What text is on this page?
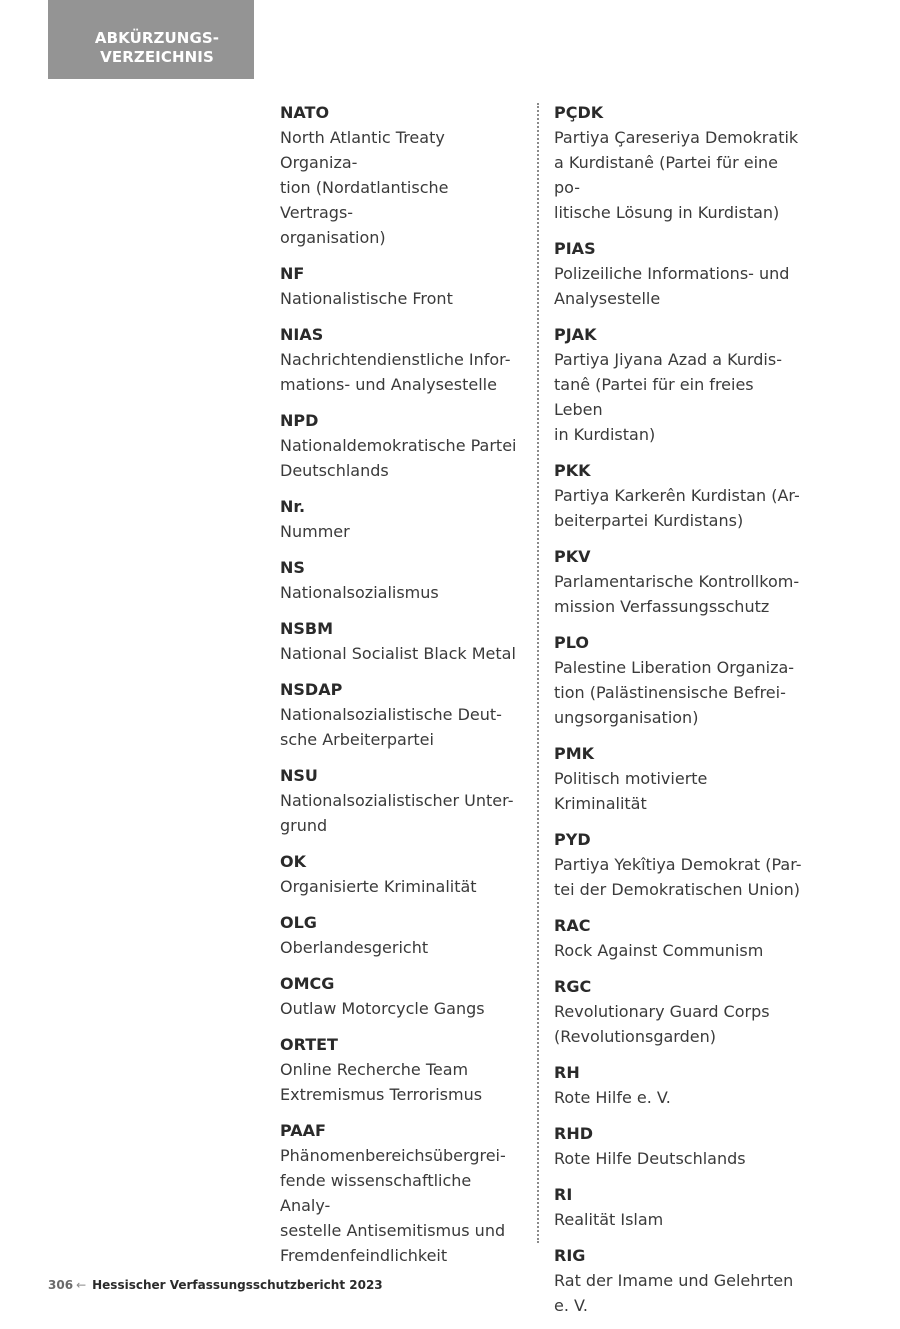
ABKÜRZUNGS-
VERZEICHNIS
NATO
North Atlantic Treaty Organiza-
tion (Nordatlantische Vertrags-
organisation)
NF
Nationalistische Front
NIAS
Nachrichtendienstliche Infor-
mations- und Analysestelle
NPD
Nationaldemokratische Partei
Deutschlands
Nr.
Nummer
NS
Nationalsozialismus
NSBM
National Socialist Black Metal
NSDAP
Nationalsozialistische Deut-
sche Arbeiterpartei
NSU
Nationalsozialistischer Unter-
grund
OK
Organisierte Kriminalität
OLG
Oberlandesgericht
OMCG
Outlaw Motorcycle Gangs
ORTET
Online Recherche Team
Extremismus Terrorismus
PAAF
Phänomenbereichsübergrei-
fende wissenschaftliche Analy-
sestelle Antisemitismus und
Fremdenfeindlichkeit
PÇDK
Partiya Çareseriya Demokratik
a Kurdistanê (Partei für eine po-
litische Lösung in Kurdistan)
PIAS
Polizeiliche Informations- und
Analysestelle
PJAK
Partiya Jiyana Azad a Kurdis-
tanê (Partei für ein freies Leben
in Kurdistan)
PKK
Partiya Karkerên Kurdistan (Ar-
beiterpartei Kurdistans)
PKV
Parlamentarische Kontrollkom-
mission Verfassungsschutz
PLO
Palestine Liberation Organiza-
tion (Palästinensische Befrei-
ungsorganisation)
PMK
Politisch motivierte Kriminalität
PYD
Partiya Yekîtiya Demokrat (Par-
tei der Demokratischen Union)
RAC
Rock Against Communism
RGC
Revolutionary Guard Corps
(Revolutionsgarden)
RH
Rote Hilfe e. V.
RHD
Rote Hilfe Deutschlands
RI
Realität Islam
RIG
Rat der Imame und Gelehrten
e. V.
306 ← Hessischer Verfassungsschutzbericht 2023
